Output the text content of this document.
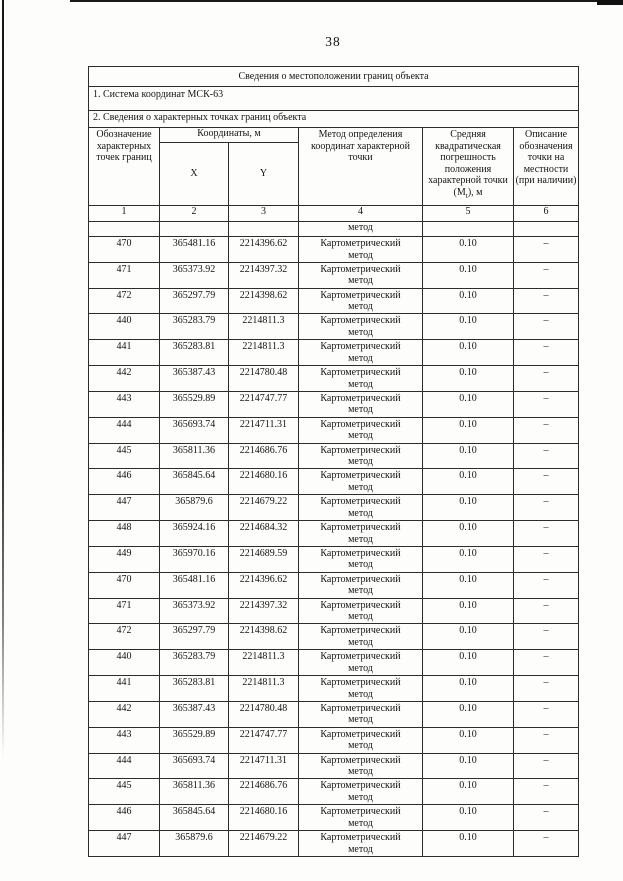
38
Сведения о местоположении границ объекта					
1. Система координат МСК-63					
2. Сведения о характерных точках границ объекта					
Обозначение характерных точек границ	Координаты, м		Метод определения координат характерной точки	Средняя квадратическая погрешность положения характерной точки $(M_t)$, м	Описание обозначения точки на местности (при наличии)
	X	Y			
1	2	3	4	5	6
			метод		
470	365481.16	2214396.62	Картометрический метод	0.10	–
471	365373.92	2214397.32	Картометрический метод	0.10	–
472	365297.79	2214398.62	Картометрический метод	0.10	–
440	365283.79	2214811.3	Картометрический метод	0.10	–
441	365283.81	2214811.3	Картометрический метод	0.10	–
442	365387.43	2214780.48	Картометрический метод	0.10	–
443	365529.89	2214747.77	Картометрический метод	0.10	–
444	365693.74	2214711.31	Картометрический метод	0.10	–
445	365811.36	2214686.76	Картометрический метод	0.10	–
446	365845.64	2214680.16	Картометрический метод	0.10	–
447	365879.6	2214679.22	Картометрический метод	0.10	–
448	365924.16	2214684.32	Картометрический метод	0.10	–
449	365970.16	2214689.59	Картометрический метод	0.10	–
470	365481.16	2214396.62	Картометрический метод	0.10	–
471	365373.92	2214397.32	Картометрический метод	0.10	–
472	365297.79	2214398.62	Картометрический метод	0.10	–
440	365283.79	2214811.3	Картометрический метод	0.10	–
441	365283.81	2214811.3	Картометрический метод	0.10	–
442	365387.43	2214780.48	Картометрический метод	0.10	–
443	365529.89	2214747.77	Картометрический метод	0.10	–
444	365693.74	2214711.31	Картометрический метод	0.10	–
445	365811.36	2214686.76	Картометрический метод	0.10	–
446	365845.64	2214680.16	Картометрический метод	0.10	–
447	365879.6	2214679.22	Картометрический метод	0.10	–
